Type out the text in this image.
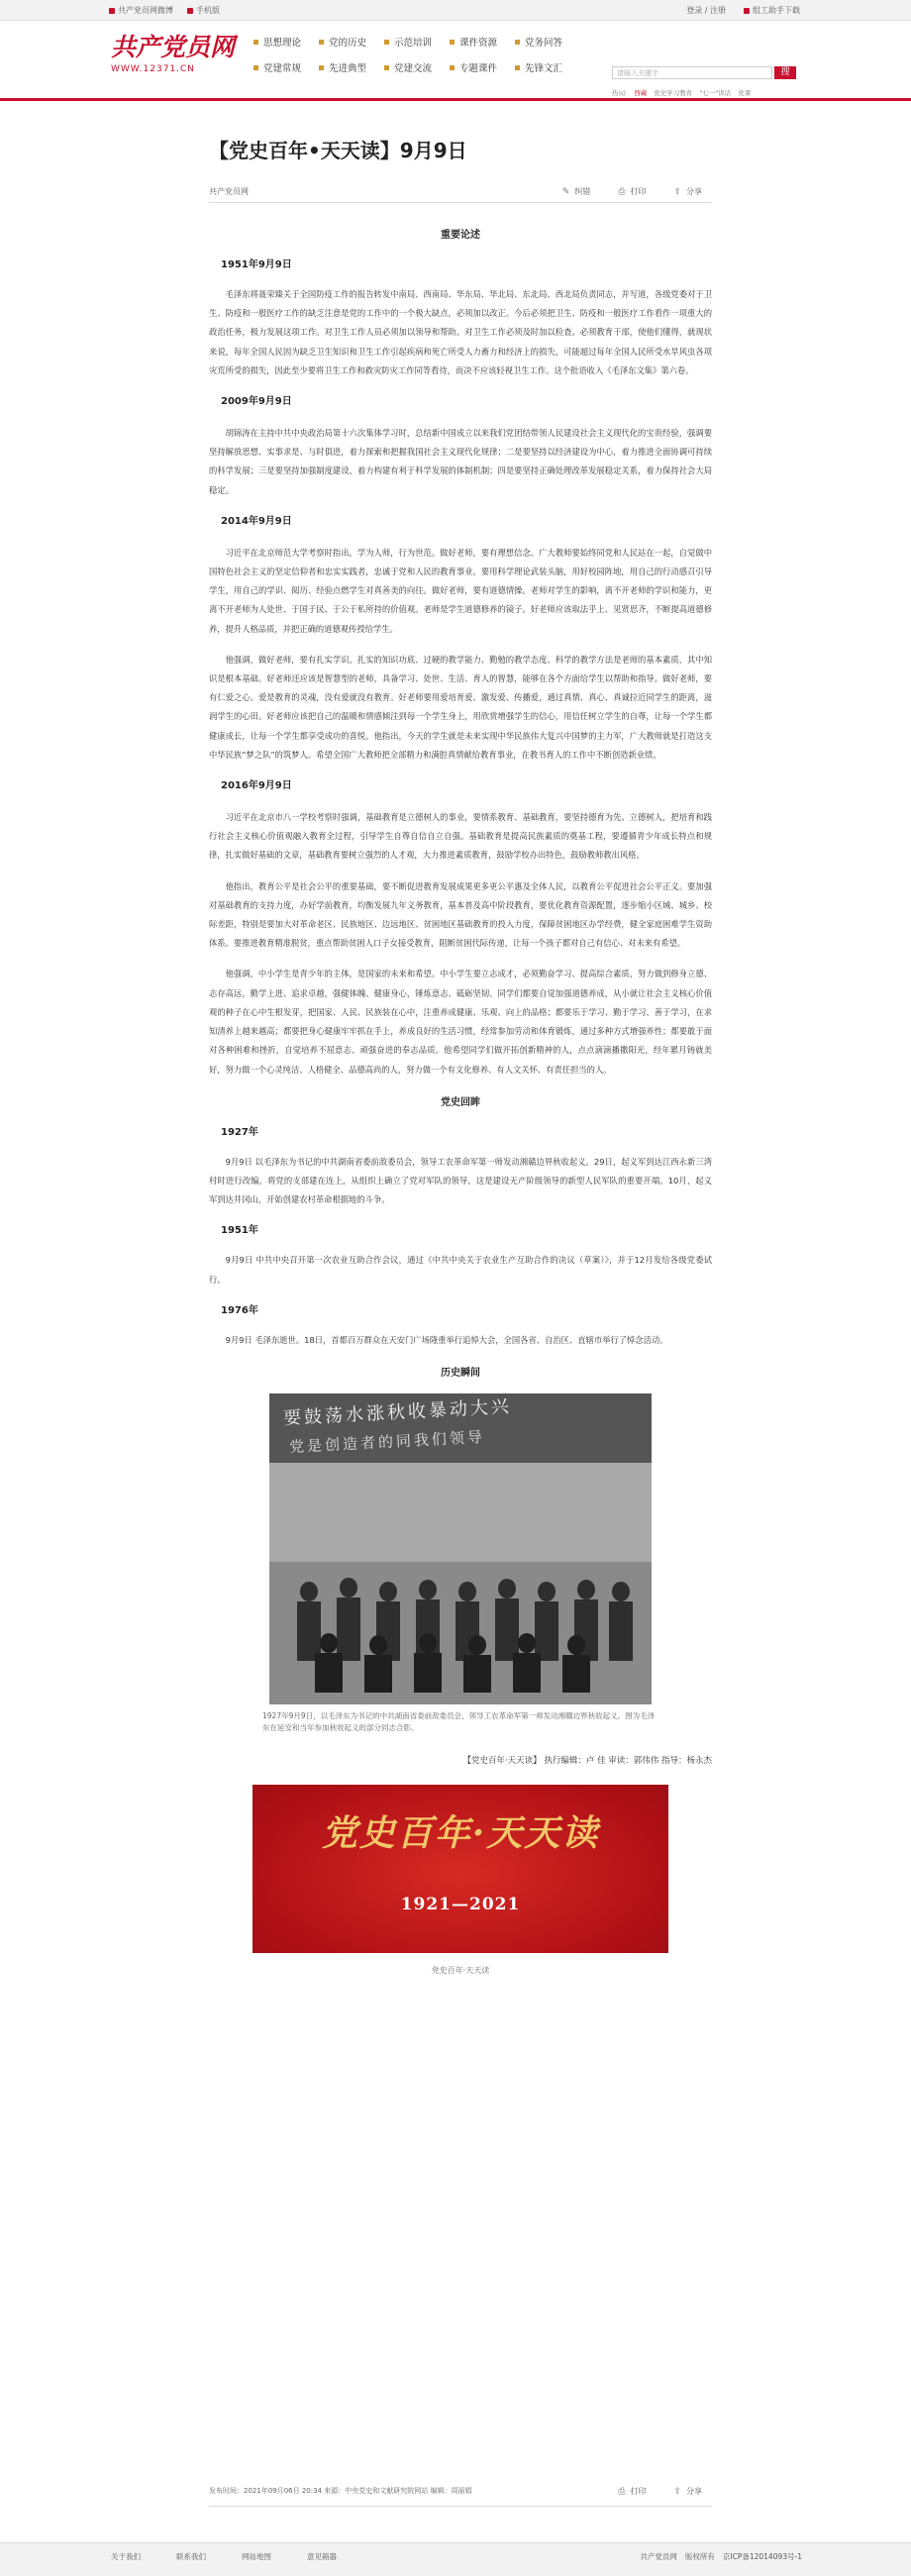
共产党员网微博	手机版	登录 / 注册	组工助手下载
共产党员网
WWW.12371.CN
思想理论	党的历史	示范培训	课件资源	党务问答
党建常规	先进典型	党建交流	专题课件	先锋文汇	请输入关键字	搜
热词: 西藏 党史学习教育 "七一"讲话 党课
【党史百年•天天读】9月9日
共产党员网	✎ 纠错	⎙ 打印	⇪ 分享
重要论述
1951年9月9日

毛泽东将聂荣臻关于全国防疫工作的报告转发中南局、西南局、华东局、华北局、东北局、西北局负责同志，并写道，各级党委对于卫生、防疫和一般医疗工作的缺乏注意是党的工作中的一个极大缺点，必须加以改正。今后必须把卫生、防疫和一般医疗工作看作一项重大的政治任务，极力发展这项工作。对卫生工作人员必须加以领导和帮助。对卫生工作必须及时加以检查。必须教育干部，使他们懂得，就现状来说，每年全国人民因为缺乏卫生知识和卫生工作引起疾病和死亡所受人力畜力和经济上的损失，可能超过每年全国人民所受水旱风虫各项灾荒所受的损失，因此至少要将卫生工作和救灾防灾工作同等看待，而决不应该轻视卫生工作。这个批语收入《毛泽东文集》第六卷。

2009年9月9日

胡锦涛在主持中共中央政治局第十六次集体学习时，总结新中国成立以来我们党团结带领人民建设社会主义现代化的宝贵经验，强调要坚持解放思想、实事求是、与时俱进，着力探索和把握我国社会主义现代化规律；二是要坚持以经济建设为中心，着力推进全面协调可持续的科学发展；三是要坚持加强制度建设，着力构建有利于科学发展的体制机制；四是要坚持正确处理改革发展稳定关系，着力保持社会大局稳定。

2014年9月9日

习近平在北京师范大学考察时指出，学为人师，行为世范。做好老师，要有理想信念。广大教师要始终同党和人民站在一起，自觉做中国特色社会主义的坚定信仰者和忠实实践者，忠诚于党和人民的教育事业。要用科学理论武装头脑，用好校园阵地，用自己的行动感召引导学生，用自己的学识、阅历、经验点燃学生对真善美的向往。做好老师，要有道德情操。老师对学生的影响，离不开老师的学识和能力，更离不开老师为人处世、于国于民、于公于私所持的价值观。老师是学生道德修养的镜子。好老师应该取法乎上、见贤思齐，不断提高道德修养，提升人格品质，并把正确的道德观传授给学生。

他强调，做好老师，要有扎实学识。扎实的知识功底、过硬的教学能力、勤勉的教学态度、科学的教学方法是老师的基本素质，其中知识是根本基础。好老师还应该是智慧型的老师，具备学习、处世、生活、育人的智慧，能够在各个方面给学生以帮助和指导。做好老师，要有仁爱之心。爱是教育的灵魂，没有爱就没有教育。好老师要用爱培育爱、激发爱、传播爱，通过真情、真心、真诚拉近同学生的距离，滋润学生的心田。好老师应该把自己的温暖和情感倾注到每一个学生身上，用欣赏增强学生的信心，用信任树立学生的自尊，让每一个学生都健康成长，让每一个学生都享受成功的喜悦。他指出，今天的学生就是未来实现中华民族伟大复兴中国梦的主力军，广大教师就是打造这支中华民族“梦之队”的筑梦人。希望全国广大教师把全部精力和满腔真情献给教育事业，在教书育人的工作中不断创造新业绩。

2016年9月9日

习近平在北京市八一学校考察时强调，基础教育是立德树人的事业，要情系教育、基础教育，要坚持德育为先、立德树人，把培育和践行社会主义核心价值观融入教育全过程，引导学生自尊自信自立自强。基础教育是提高民族素质的奠基工程，要遵循青少年成长特点和规律，扎实做好基础的文章，基础教育要树立强烈的人才观，大力推进素质教育，鼓励学校办出特色，鼓励教师教出风格。

他指出，教育公平是社会公平的重要基础，要不断促进教育发展成果更多更公平惠及全体人民，以教育公平促进社会公平正义。要加强对基础教育的支持力度，办好学前教育，均衡发展九年义务教育，基本普及高中阶段教育，要优化教育资源配置，逐步缩小区域、城乡、校际差距，特别是要加大对革命老区、民族地区、边远地区、贫困地区基础教育的投入力度，保障贫困地区办学经费，健全家庭困难学生资助体系。要推进教育精准脱贫，重点帮助贫困人口子女接受教育，阻断贫困代际传递，让每一个孩子都对自己有信心、对未来有希望。

他强调，中小学生是青少年的主体，是国家的未来和希望。中小学生要立志成才，必须勤奋学习、提高综合素质，努力做到修身立德、志存高远，勤学上进、追求卓越，强健体魄、健康身心，锤炼意志、砥砺坚韧。同学们都要自觉加强道德养成，从小就让社会主义核心价值观的种子在心中生根发芽，把国家、人民、民族装在心中，注重养成健康、乐观、向上的品格；都要乐于学习、勤于学习、善于学习，在求知清养上越来越高；都要把身心健康牢牢抓在手上，养成良好的生活习惯，经常参加劳动和体育锻炼，通过多种方式增强养性；都要敢于面对各种困难和挫折，自觉培养不屈意志、顽强奋进的奉志品质。他希望同学们做开拓创新精神的人，点点滴滴播撒阳光，经年累月铸就美好，努力做一个心灵纯洁、人格健全、品德高尚的人，努力做一个有文化修养、有人文关怀、有责任担当的人。

党史回眸
1927年

9月9日 以毛泽东为书记的中共湖南省委前敌委员会，领导工农革命军第一师发动湘赣边界秋收起义。29日，起义军到达江西永新三湾村时进行改编，将党的支部建在连上，从组织上确立了党对军队的领导，这是建设无产阶级领导的新型人民军队的重要开端。10月，起义军到达井冈山，开始创建农村革命根据地的斗争。

1951年

9月9日 中共中央召开第一次农业互助合作会议，通过《中共中央关于农业生产互助合作的决议（草案）》，并于12月发给各级党委试行。

1976年

9月9日 毛泽东逝世。18日，首都百万群众在天安门广场隆重举行追悼大会，全国各省、自治区、直辖市举行了悼念活动。

历史瞬间
要鼓荡水涨秋收暴动大兴
党是创造者的同我们领导
1927年9月9日，以毛泽东为书记的中共湖南省委前敌委员会，领导工农革命军第一师发动湘赣边界秋收起义。图为毛泽东在延安和当年参加秋收起义的部分同志合影。
【党史百年·天天读】 执行编辑：卢 佳 审读：郭伟伟 指导：杨永杰
党史百年·天天读
1921—2021
党史百年·天天读
发布时间：2021年09月06日 20:34 来源：中央党史和文献研究院网站 编辑：周丽娟	⎙ 打印	⇪ 分享
关于我们	联系我们	网站地图	意见箱器	共产党员网 版权所有 京ICP备12014093号-1
